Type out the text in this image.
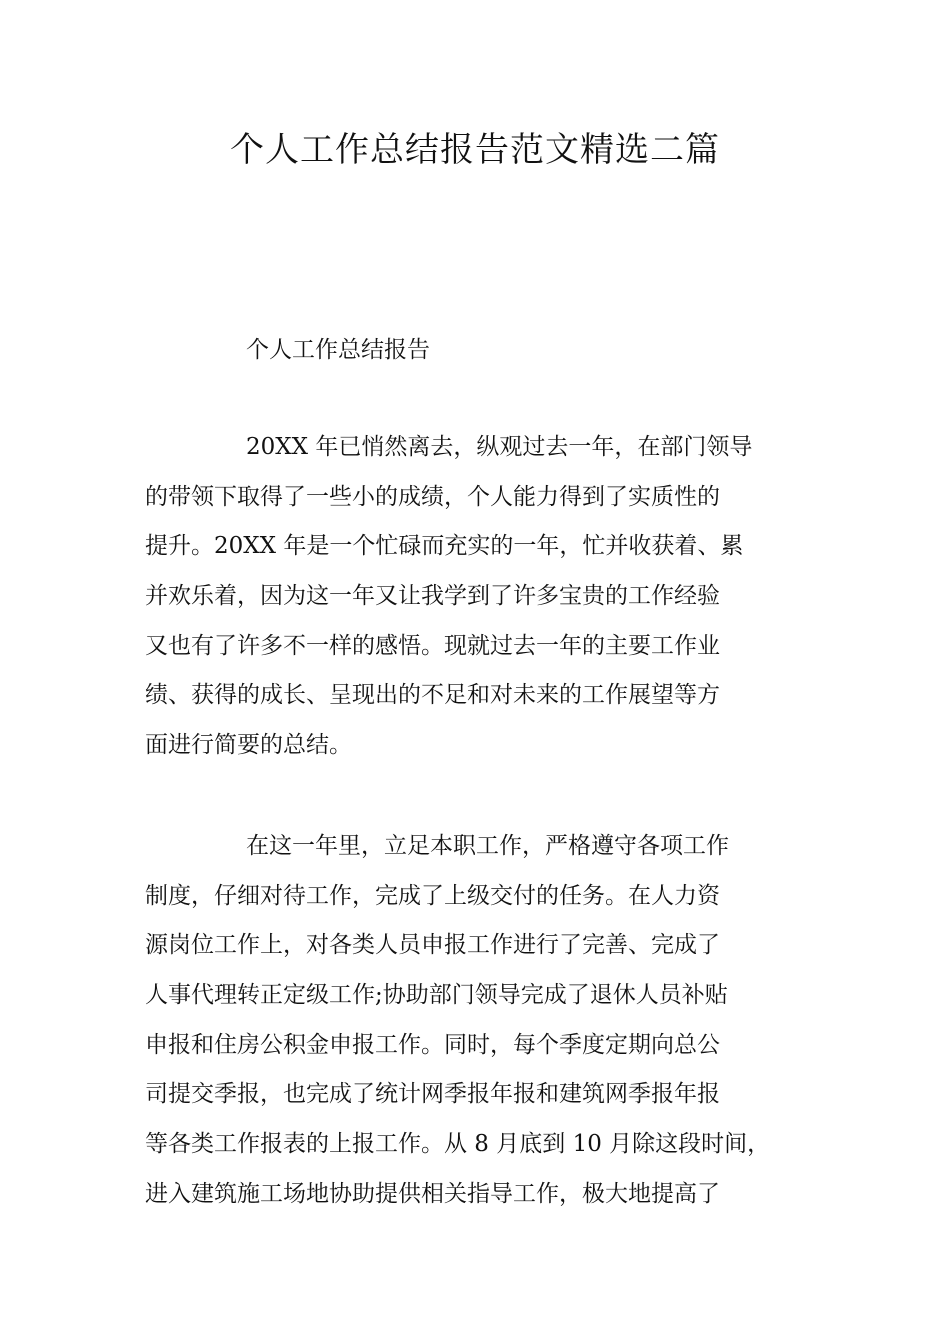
个人工作总结报告范文精选二篇
个人工作总结报告
20XX 年已悄然离去，纵观过去一年，在部门领导
的带领下取得了一些小的成绩，个人能力得到了实质性的
提升。20XX 年是一个忙碌而充实的一年，忙并收获着、累
并欢乐着，因为这一年又让我学到了许多宝贵的工作经验
又也有了许多不一样的感悟。现就过去一年的主要工作业
绩、获得的成长、呈现出的不足和对未来的工作展望等方
面进行简要的总结。
在这一年里，立足本职工作，严格遵守各项工作
制度，仔细对待工作，完成了上级交付的任务。在人力资
源岗位工作上，对各类人员申报工作进行了完善、完成了
人事代理转正定级工作;协助部门领导完成了退休人员补贴
申报和住房公积金申报工作。同时，每个季度定期向总公
司提交季报，也完成了统计网季报年报和建筑网季报年报
等各类工作报表的上报工作。从 8 月底到 10 月除这段时间，
进入建筑施工场地协助提供相关指导工作，极大地提高了
